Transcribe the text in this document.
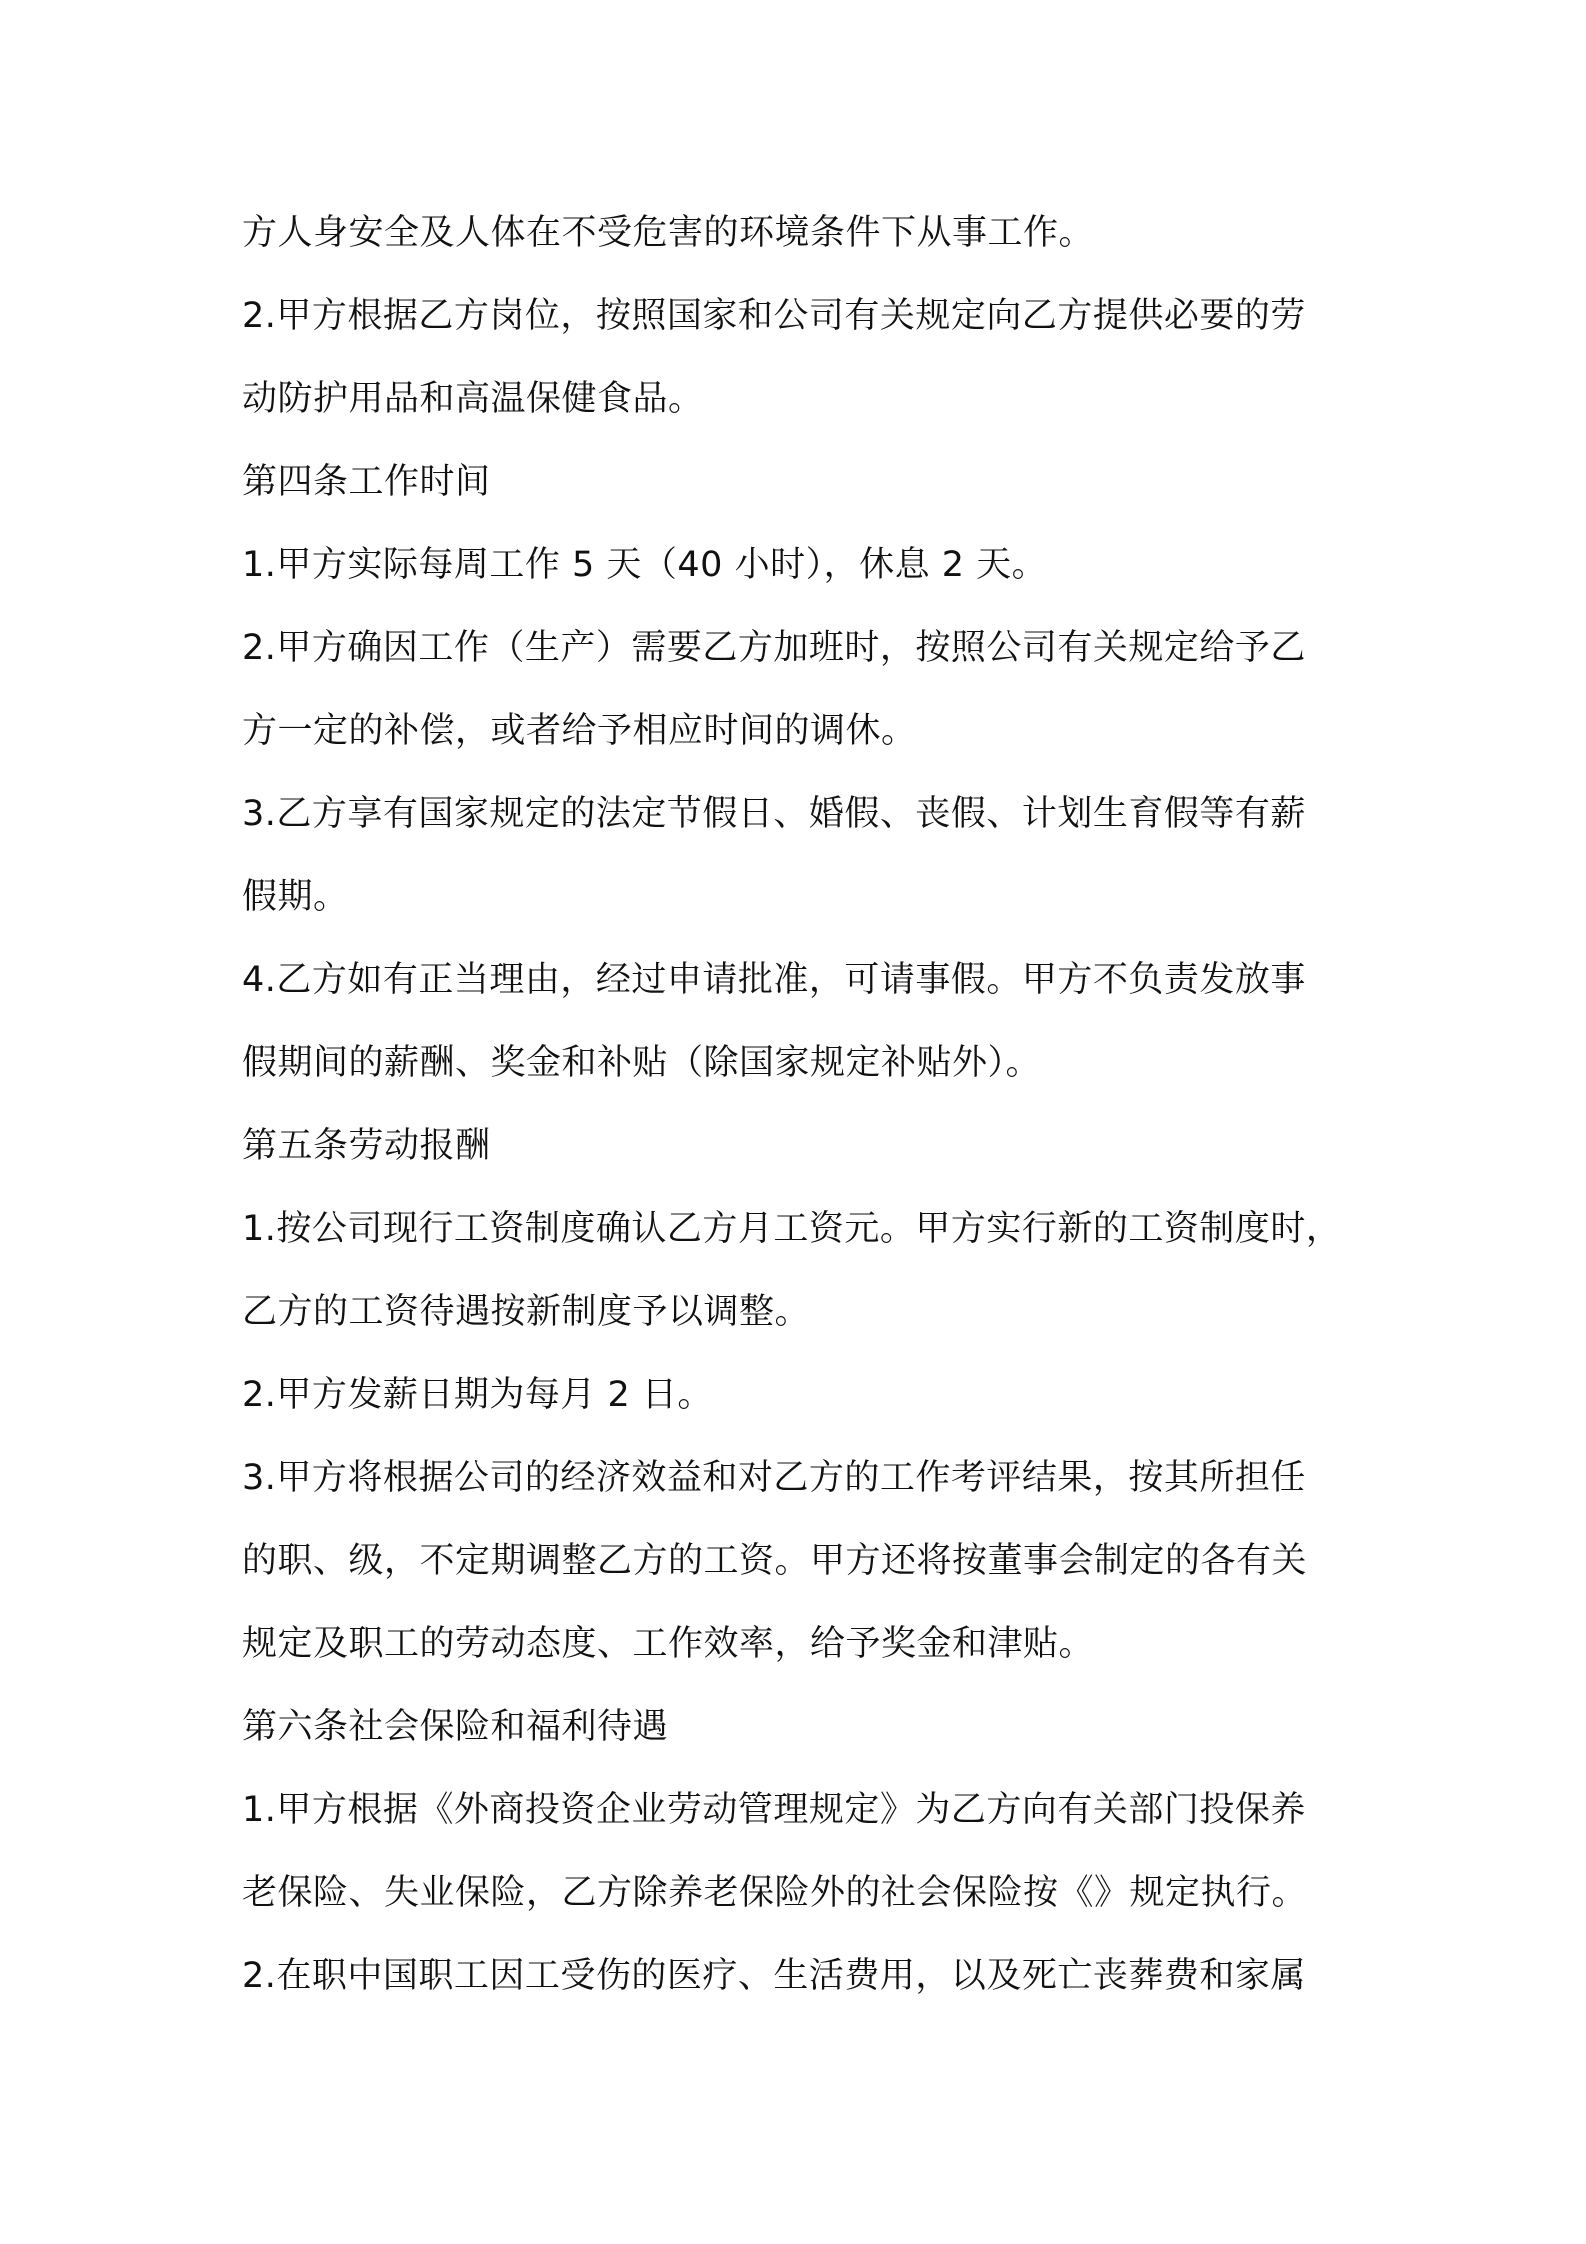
方人身安全及人体在不受危害的环境条件下从事工作。
2.甲方根据乙方岗位，按照国家和公司有关规定向乙方提供必要的劳
动防护用品和高温保健食品。
第四条工作时间
1.甲方实际每周工作 5 天（40 小时），休息 2 天。
2.甲方确因工作（生产）需要乙方加班时，按照公司有关规定给予乙
方一定的补偿，或者给予相应时间的调休。
3.乙方享有国家规定的法定节假日、婚假、丧假、计划生育假等有薪
假期。
4.乙方如有正当理由，经过申请批准，可请事假。甲方不负责发放事
假期间的薪酬、奖金和补贴（除国家规定补贴外）。
第五条劳动报酬
1.按公司现行工资制度确认乙方月工资元。甲方实行新的工资制度时，
乙方的工资待遇按新制度予以调整。
2.甲方发薪日期为每月 2 日。
3.甲方将根据公司的经济效益和对乙方的工作考评结果，按其所担任
的职、级，不定期调整乙方的工资。甲方还将按董事会制定的各有关
规定及职工的劳动态度、工作效率，给予奖金和津贴。
第六条社会保险和福利待遇
1.甲方根据《外商投资企业劳动管理规定》为乙方向有关部门投保养
老保险、失业保险，乙方除养老保险外的社会保险按《》规定执行。
2.在职中国职工因工受伤的医疗、生活费用，以及死亡丧葬费和家属
